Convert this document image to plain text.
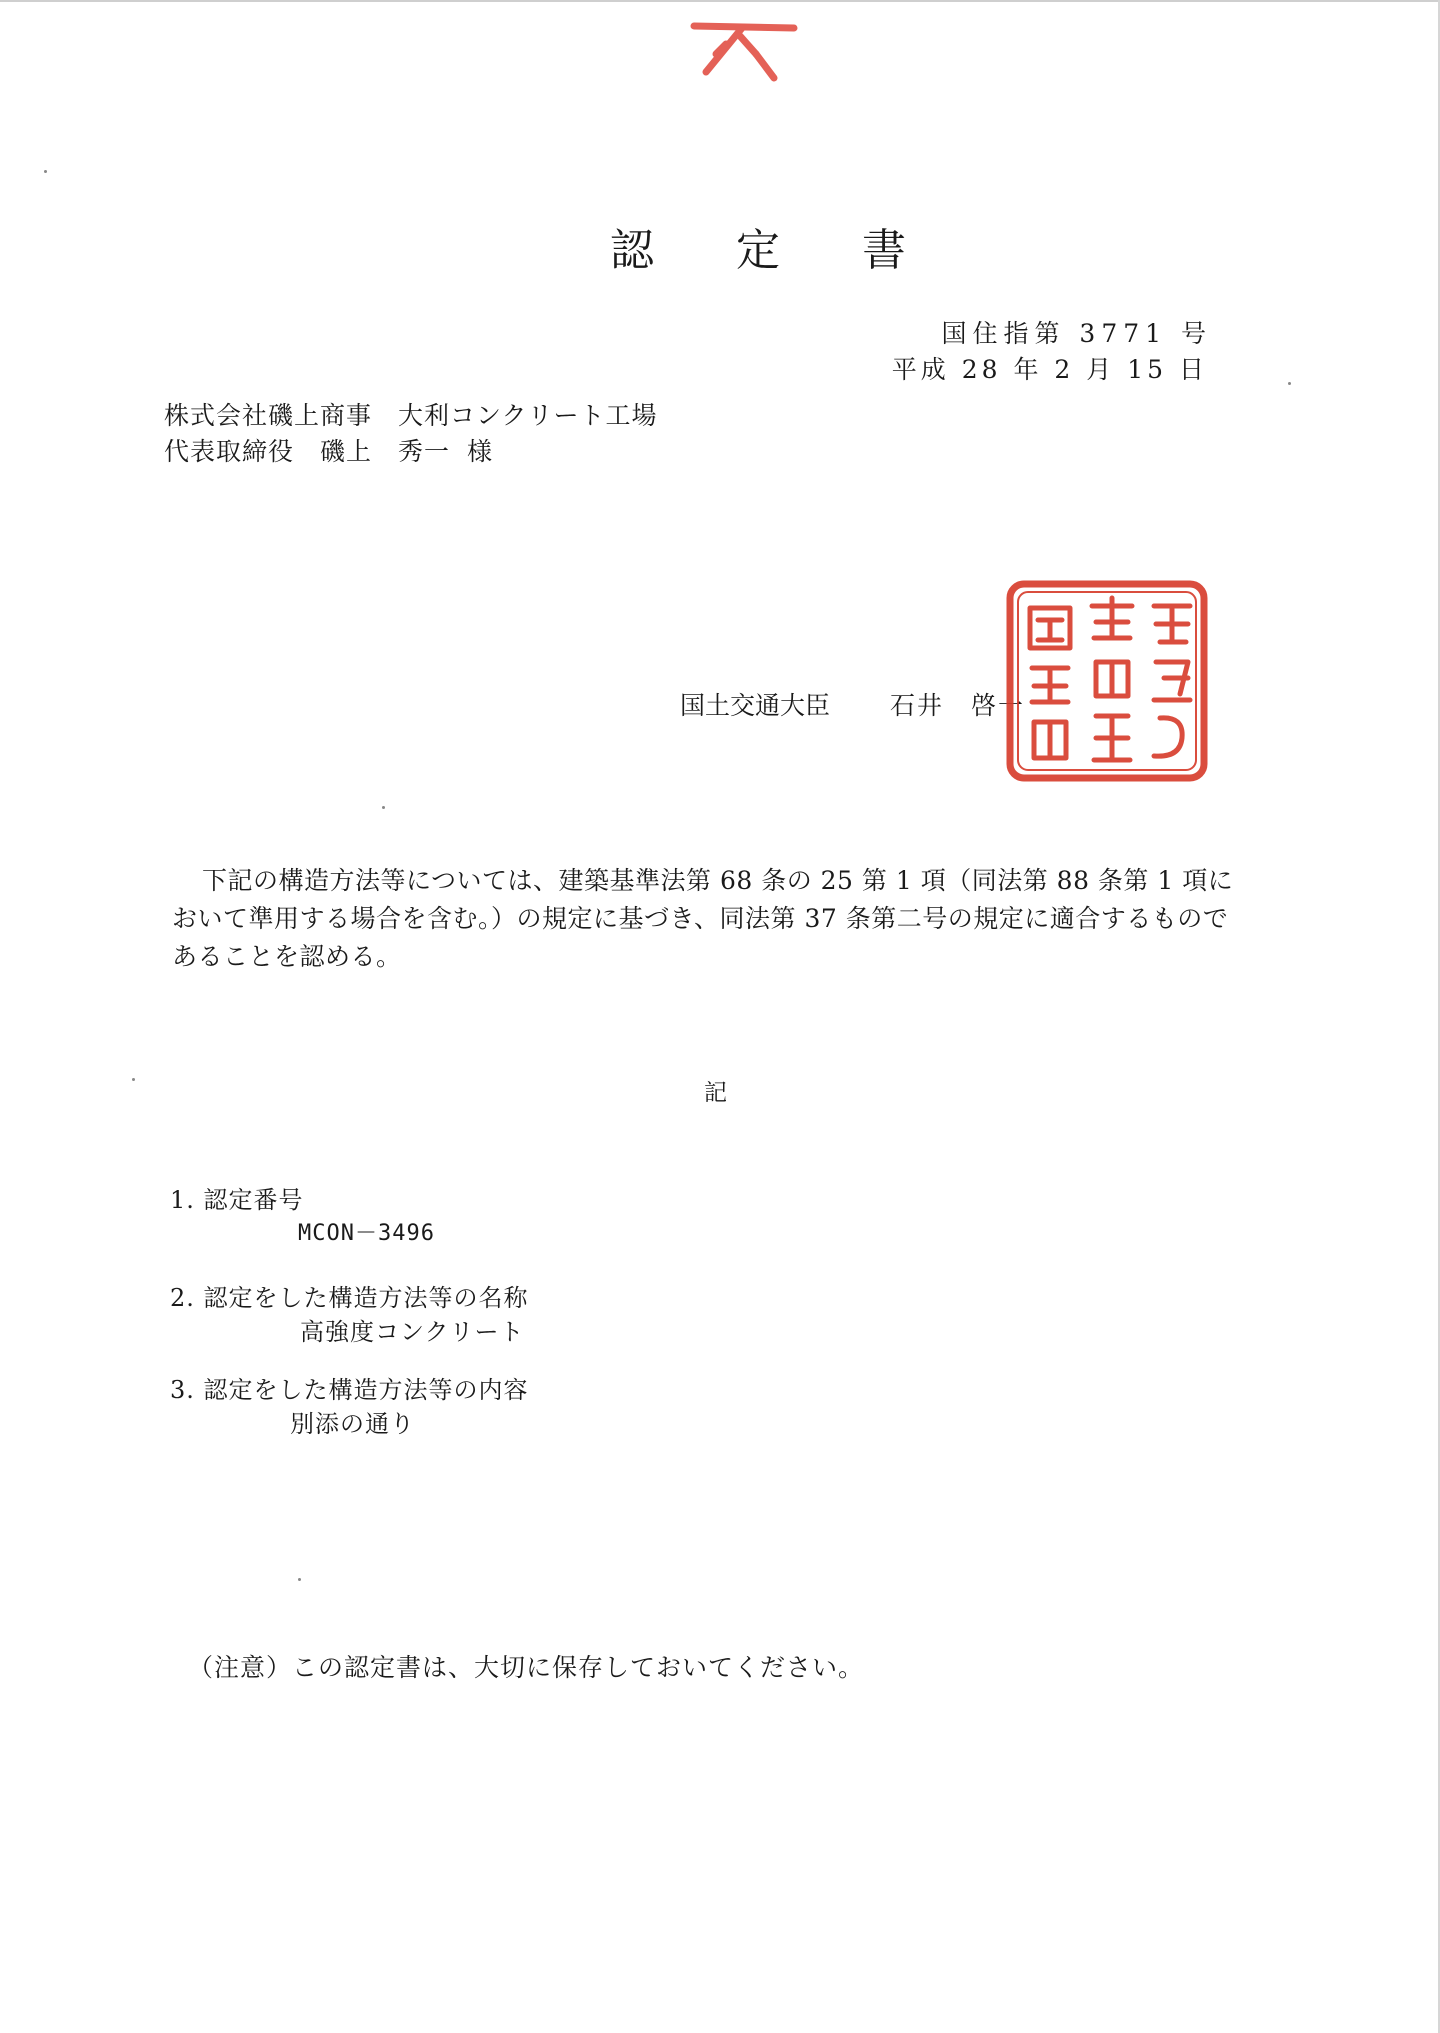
認 定 書
国住指第 3771 号
平成 28 年 2 月 15 日
株式会社磯上商事　大利コンクリート工場
代表取締役　磯上　秀一 様
国土交通大臣 石井　啓一
下記の構造方法等については、建築基準法第 68 条の 25 第 1 項（同法第 88 条第 1 項において準用する場合を含む。）の規定に基づき、同法第 37 条第二号の規定に適合するものであることを認める。
記
1. 認定番号
MCON－3496
2. 認定をした構造方法等の名称
高強度コンクリート
3. 認定をした構造方法等の内容
別添の通り
（注意）この認定書は、大切に保存しておいてください。
